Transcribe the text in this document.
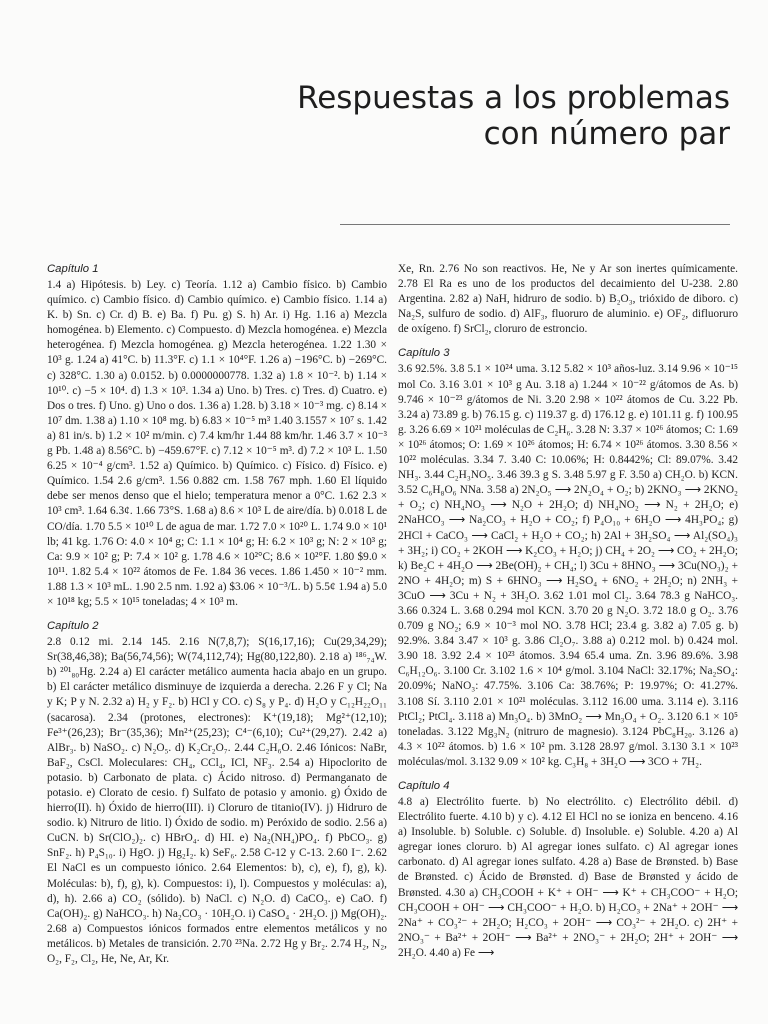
Respuestas a los problemas
con número par
Capítulo 1
1.4 a) Hipótesis. b) Ley. c) Teoría. 1.12 a) Cambio físico. b) Cambio químico. c) Cambio físico. d) Cambio químico. e) Cambio físico. 1.14 a) K. b) Sn. c) Cr. d) B. e) Ba. f) Pu. g) S. h) Ar. i) Hg. 1.16 a) Mezcla homogénea. b) Elemento. c) Compuesto. d) Mezcla homogénea. e) Mezcla heterogénea. f) Mezcla homogénea. g) Mezcla heterogénea. 1.22 1.30 × 10³ g. 1.24 a) 41°C. b) 11.3°F. c) 1.1 × 10⁴°F. 1.26 a) −196°C. b) −269°C. c) 328°C. 1.30 a) 0.0152. b) 0.0000000778. 1.32 a) 1.8 × 10⁻². b) 1.14 × 10¹⁰. c) −5 × 10⁴. d) 1.3 × 10³. 1.34 a) Uno. b) Tres. c) Tres. d) Cuatro. e) Dos o tres. f) Uno. g) Uno o dos. 1.36 a) 1.28. b) 3.18 × 10⁻³ mg. c) 8.14 × 10⁷ dm. 1.38 a) 1.10 × 10⁸ mg. b) 6.83 × 10⁻⁵ m³ 1.40 3.1557 × 10⁷ s. 1.42 a) 81 in/s. b) 1.2 × 10² m/min. c) 7.4 km/hr 1.44 88 km/hr. 1.46 3.7 × 10⁻³ g Pb. 1.48 a) 8.56°C. b) −459.67°F. c) 7.12 × 10⁻⁵ m³. d) 7.2 × 10³ L. 1.50 6.25 × 10⁻⁴ g/cm³. 1.52 a) Químico. b) Químico. c) Físico. d) Físico. e) Químico. 1.54 2.6 g/cm³. 1.56 0.882 cm. 1.58 767 mph. 1.60 El líquido debe ser menos denso que el hielo; temperatura menor a 0°C. 1.62 2.3 × 10³ cm³. 1.64 6.3¢. 1.66 73°S. 1.68 a) 8.6 × 10³ L de aire/día. b) 0.018 L de CO/día. 1.70 5.5 × 10¹⁰ L de agua de mar. 1.72 7.0 × 10²⁰ L. 1.74 9.0 × 10¹ lb; 41 kg. 1.76 O: 4.0 × 10⁴ g; C: 1.1 × 10⁴ g; H: 6.2 × 10³ g; N: 2 × 10³ g; Ca: 9.9 × 10² g; P: 7.4 × 10² g. 1.78 4.6 × 10²°C; 8.6 × 10²°F. 1.80 $9.0 × 10¹¹. 1.82 5.4 × 10²² átomos de Fe. 1.84 36 veces. 1.86 1.450 × 10⁻² mm. 1.88 1.3 × 10³ mL. 1.90 2.5 nm. 1.92 a) $3.06 × 10⁻³/L. b) 5.5¢ 1.94 a) 5.0 × 10¹⁸ kg; 5.5 × 10¹⁵ toneladas; 4 × 10³ m.
Capítulo 2
2.8 0.12 mi. 2.14 145. 2.16 N(7,8,7); S(16,17,16); Cu(29,34,29); Sr(38,46,38); Ba(56,74,56); W(74,112,74); Hg(80,122,80). 2.18 a) ¹⁸⁶₇₄W. b) ²⁰¹₈₀Hg. 2.24 a) El carácter metálico aumenta hacia abajo en un grupo. b) El carácter metálico disminuye de izquierda a derecha. 2.26 F y Cl; Na y K; P y N. 2.32 a) H₂ y F₂. b) HCl y CO. c) S₈ y P₄. d) H₂O y C₁₂H₂₂O₁₁ (sacarosa). 2.34 (protones, electrones): K⁺(19,18); Mg²⁺(12,10); Fe³⁺(26,23); Br⁻(35,36); Mn²⁺(25,23); C⁴⁻(6,10); Cu²⁺(29,27). 2.42 a) AlBr₃. b) NaSO₂. c) N₂O₅. d) K₂Cr₂O₇. 2.44 C₂H₆O. 2.46 Iónicos: NaBr, BaF₂, CsCl. Moleculares: CH₄, CCl₄, ICl, NF₃. 2.54 a) Hipoclorito de potasio. b) Carbonato de plata. c) Ácido nitroso. d) Permanganato de potasio. e) Clorato de cesio. f) Sulfato de potasio y amonio. g) Óxido de hierro(II). h) Óxido de hierro(III). i) Cloruro de titanio(IV). j) Hidruro de sodio. k) Nitruro de litio. l) Óxido de sodio. m) Peróxido de sodio. 2.56 a) CuCN. b) Sr(ClO₂)₂. c) HBrO₄. d) HI. e) Na₂(NH₄)PO₄. f) PbCO₃. g) SnF₂. h) P₄S₁₀. i) HgO. j) Hg₂I₂. k) SeF₆. 2.58 C-12 y C-13. 2.60 I⁻. 2.62 El NaCl es un compuesto iónico. 2.64 Elementos: b), c), e), f), g), k). Moléculas: b), f), g), k). Compuestos: i), l). Compuestos y moléculas: a), d), h). 2.66 a) CO₂ (sólido). b) NaCl. c) N₂O. d) CaCO₃. e) CaO. f) Ca(OH)₂. g) NaHCO₃. h) Na₂CO₃ · 10H₂O. i) CaSO₄ · 2H₂O. j) Mg(OH)₂. 2.68 a) Compuestos iónicos formados entre elementos metálicos y no metálicos. b) Metales de transición. 2.70 ²³Na. 2.72 Hg y Br₂. 2.74 H₂, N₂, O₂, F₂, Cl₂, He, Ne, Ar, Kr.
Xe, Rn. 2.76 No son reactivos. He, Ne y Ar son inertes químicamente. 2.78 El Ra es uno de los productos del decaimiento del U-238. 2.80 Argentina. 2.82 a) NaH, hidruro de sodio. b) B₂O₃, trióxido de diboro. c) Na₂S, sulfuro de sodio. d) AlF₃, fluoruro de aluminio. e) OF₂, difluoruro de oxígeno. f) SrCl₂, cloruro de estroncio.
Capítulo 3
3.6 92.5%. 3.8 5.1 × 10²⁴ uma. 3.12 5.82 × 10³ años-luz. 3.14 9.96 × 10⁻¹⁵ mol Co. 3.16 3.01 × 10³ g Au. 3.18 a) 1.244 × 10⁻²² g/átomos de As. b) 9.746 × 10⁻²³ g/átomos de Ni. 3.20 2.98 × 10²² átomos de Cu. 3.22 Pb. 3.24 a) 73.89 g. b) 76.15 g. c) 119.37 g. d) 176.12 g. e) 101.11 g. f) 100.95 g. 3.26 6.69 × 10²¹ moléculas de C₂H₆. 3.28 N: 3.37 × 10²⁶ átomos; C: 1.69 × 10²⁶ átomos; O: 1.69 × 10²⁶ átomos; H: 6.74 × 10²⁶ átomos. 3.30 8.56 × 10²² moléculas. 3.34 7. 3.40 C: 10.06%; H: 0.8442%; Cl: 89.07%. 3.42 NH₃. 3.44 C₂H₃NO₅. 3.46 39.3 g S. 3.48 5.97 g F. 3.50 a) CH₂O. b) KCN. 3.52 C₆H₈O₆ NNa. 3.58 a) 2N₂O₅ ⟶ 2N₂O₄ + O₂; b) 2KNO₃ ⟶ 2KNO₂ + O₂; c) NH₄NO₃ ⟶ N₂O + 2H₂O; d) NH₄NO₂ ⟶ N₂ + 2H₂O; e) 2NaHCO₃ ⟶ Na₂CO₃ + H₂O + CO₂; f) P₄O₁₀ + 6H₂O ⟶ 4H₃PO₄; g) 2HCl + CaCO₃ ⟶ CaCl₂ + H₂O + CO₂; h) 2Al + 3H₂SO₄ ⟶ Al₂(SO₄)₃ + 3H₂; i) CO₂ + 2KOH ⟶ K₂CO₃ + H₂O; j) CH₄ + 2O₂ ⟶ CO₂ + 2H₂O; k) Be₂C + 4H₂O ⟶ 2Be(OH)₂ + CH₄; l) 3Cu + 8HNO₃ ⟶ 3Cu(NO₃)₂ + 2NO + 4H₂O; m) S + 6HNO₃ ⟶ H₂SO₄ + 6NO₂ + 2H₂O; n) 2NH₃ + 3CuO ⟶ 3Cu + N₂ + 3H₂O. 3.62 1.01 mol Cl₂. 3.64 78.3 g NaHCO₃. 3.66 0.324 L. 3.68 0.294 mol KCN. 3.70 20 g N₂O. 3.72 18.0 g O₂. 3.76 0.709 g NO₂; 6.9 × 10⁻³ mol NO. 3.78 HCl; 23.4 g. 3.82 a) 7.05 g. b) 92.9%. 3.84 3.47 × 10³ g. 3.86 Cl₂O₇. 3.88 a) 0.212 mol. b) 0.424 mol. 3.90 18. 3.92 2.4 × 10²³ átomos. 3.94 65.4 uma. Zn. 3.96 89.6%. 3.98 C₆H₁₂O₆. 3.100 Cr. 3.102 1.6 × 10⁴ g/mol. 3.104 NaCl: 32.17%; Na₂SO₄: 20.09%; NaNO₃: 47.75%. 3.106 Ca: 38.76%; P: 19.97%; O: 41.27%. 3.108 Sí. 3.110 2.01 × 10²¹ moléculas. 3.112 16.00 uma. 3.114 e). 3.116 PtCl₂; PtCl₄. 3.118 a) Mn₃O₄. b) 3MnO₂ ⟶ Mn₃O₄ + O₂. 3.120 6.1 × 10⁵ toneladas. 3.122 Mg₃N₂ (nitruro de magnesio). 3.124 PbC₈H₂₀. 3.126 a) 4.3 × 10²² átomos. b) 1.6 × 10² pm. 3.128 28.97 g/mol. 3.130 3.1 × 10²³ moléculas/mol. 3.132 9.09 × 10² kg. C₃H₈ + 3H₂O ⟶ 3CO + 7H₂.
Capítulo 4
4.8 a) Electrólito fuerte. b) No electrólito. c) Electrólito débil. d) Electrólito fuerte. 4.10 b) y c). 4.12 El HCl no se ioniza en benceno. 4.16 a) Insoluble. b) Soluble. c) Soluble. d) Insoluble. e) Soluble. 4.20 a) Al agregar iones cloruro. b) Al agregar iones sulfato. c) Al agregar iones carbonato. d) Al agregar iones sulfato. 4.28 a) Base de Brønsted. b) Base de Brønsted. c) Ácido de Brønsted. d) Base de Brønsted y ácido de Brønsted. 4.30 a) CH₃COOH + K⁺ + OH⁻ ⟶ K⁺ + CH₃COO⁻ + H₂O; CH₃COOH + OH⁻ ⟶ CH₃COO⁻ + H₂O. b) H₂CO₃ + 2Na⁺ + 2OH⁻ ⟶ 2Na⁺ + CO₃²⁻ + 2H₂O; H₂CO₃ + 2OH⁻ ⟶ CO₃²⁻ + 2H₂O. c) 2H⁺ + 2NO₃⁻ + Ba²⁺ + 2OH⁻ ⟶ Ba²⁺ + 2NO₃⁻ + 2H₂O; 2H⁺ + 2OH⁻ ⟶ 2H₂O. 4.40 a) Fe ⟶
